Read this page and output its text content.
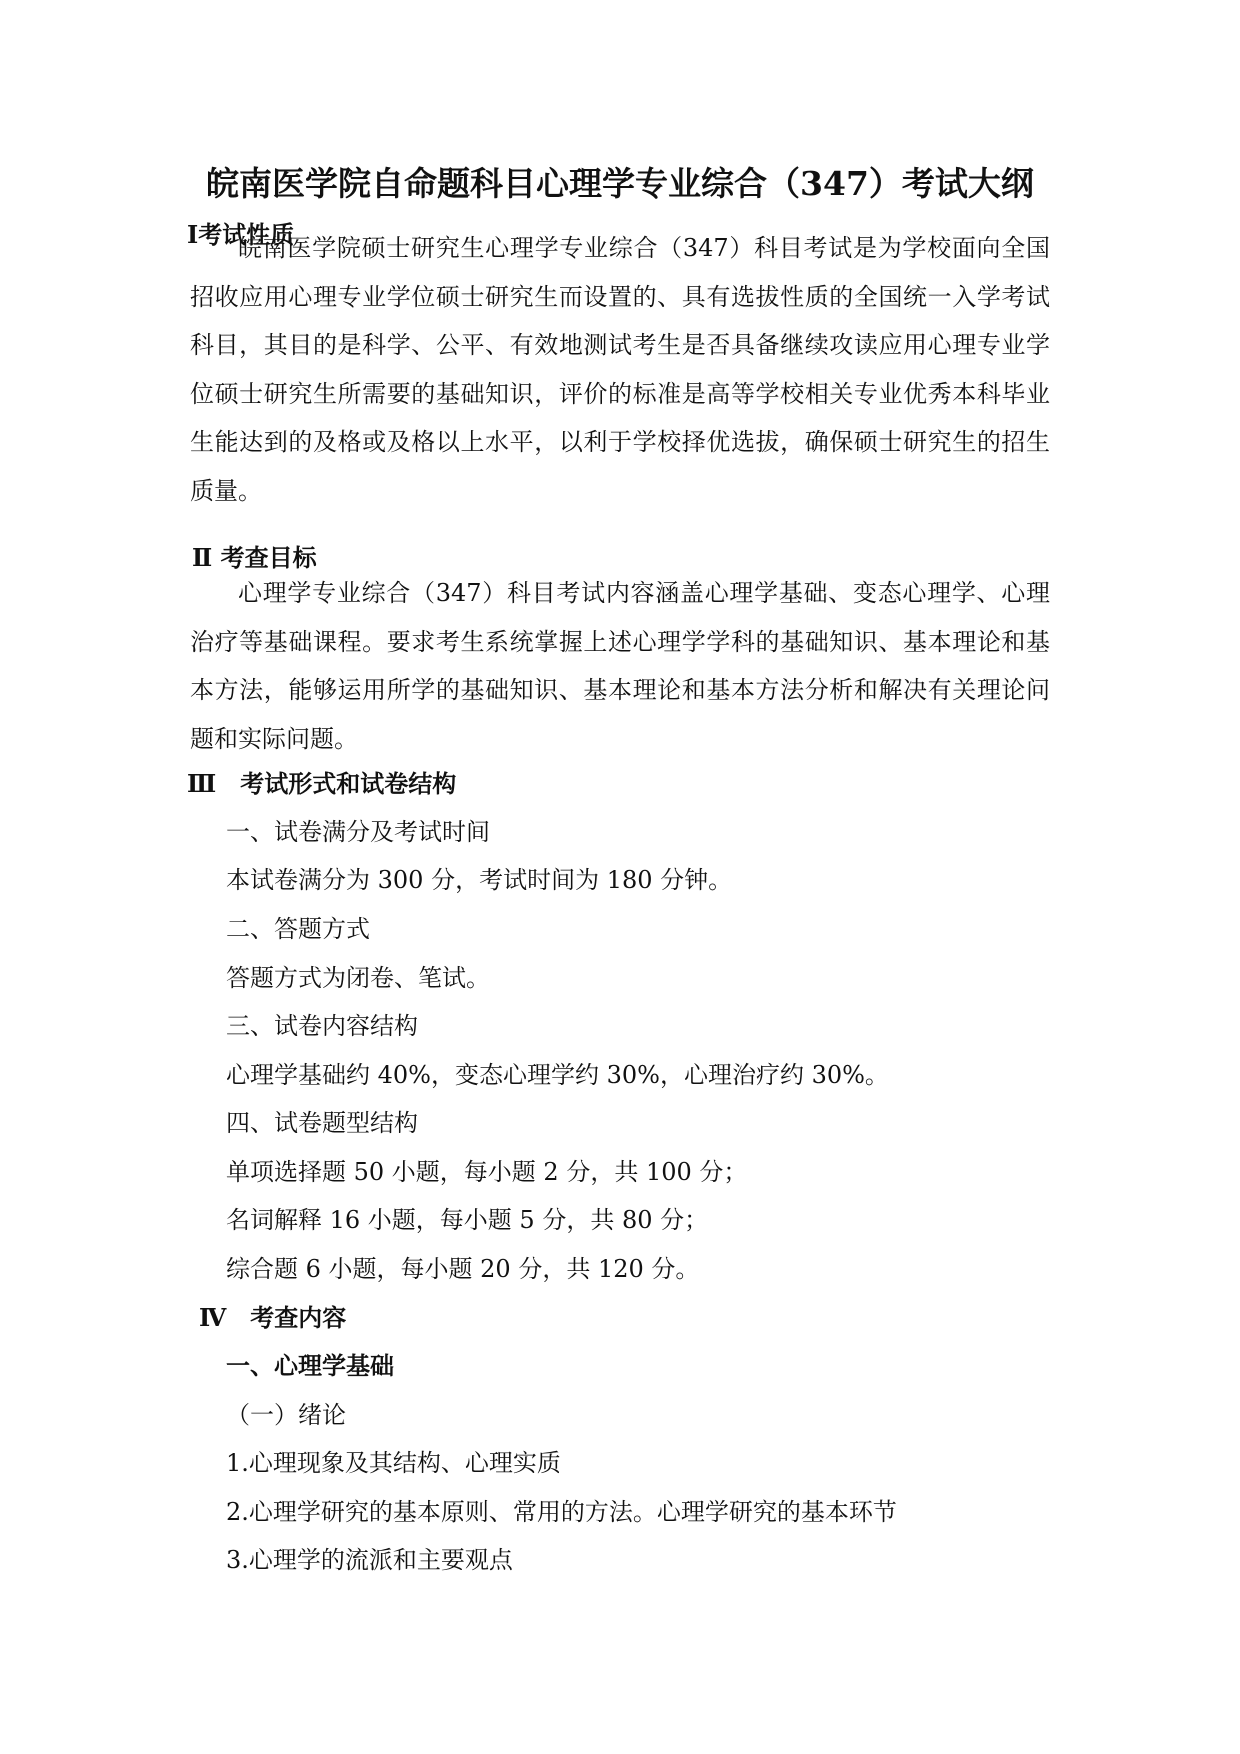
皖南医学院自命题科目心理学专业综合（347）考试大纲
Ⅰ考试性质
皖南医学院硕士研究生心理学专业综合（347）科目考试是为学校面向全国招收应用心理专业学位硕士研究生而设置的、具有选拔性质的全国统一入学考试科目，其目的是科学、公平、有效地测试考生是否具备继续攻读应用心理专业学位硕士研究生所需要的基础知识，评价的标准是高等学校相关专业优秀本科毕业生能达到的及格或及格以上水平，以利于学校择优选拔，确保硕士研究生的招生质量。
Ⅱ 考查目标
心理学专业综合（347）科目考试内容涵盖心理学基础、变态心理学、心理治疗等基础课程。要求考生系统掌握上述心理学学科的基础知识、基本理论和基本方法，能够运用所学的基础知识、基本理论和基本方法分析和解决有关理论问题和实际问题。
Ⅲ　考试形式和试卷结构
一、试卷满分及考试时间
本试卷满分为 300 分，考试时间为 180 分钟。
二、答题方式
答题方式为闭卷、笔试。
三、试卷内容结构
心理学基础约 40%，变态心理学约 30%，心理治疗约 30%。
四、试卷题型结构
单项选择题 50 小题，每小题 2 分，共 100 分；
名词解释 16 小题，每小题 5 分，共 80 分；
综合题 6 小题，每小题 20 分，共 120 分。
Ⅳ　考查内容
一、心理学基础
（一）绪论
1.心理现象及其结构、心理实质
2.心理学研究的基本原则、常用的方法。心理学研究的基本环节
3.心理学的流派和主要观点
